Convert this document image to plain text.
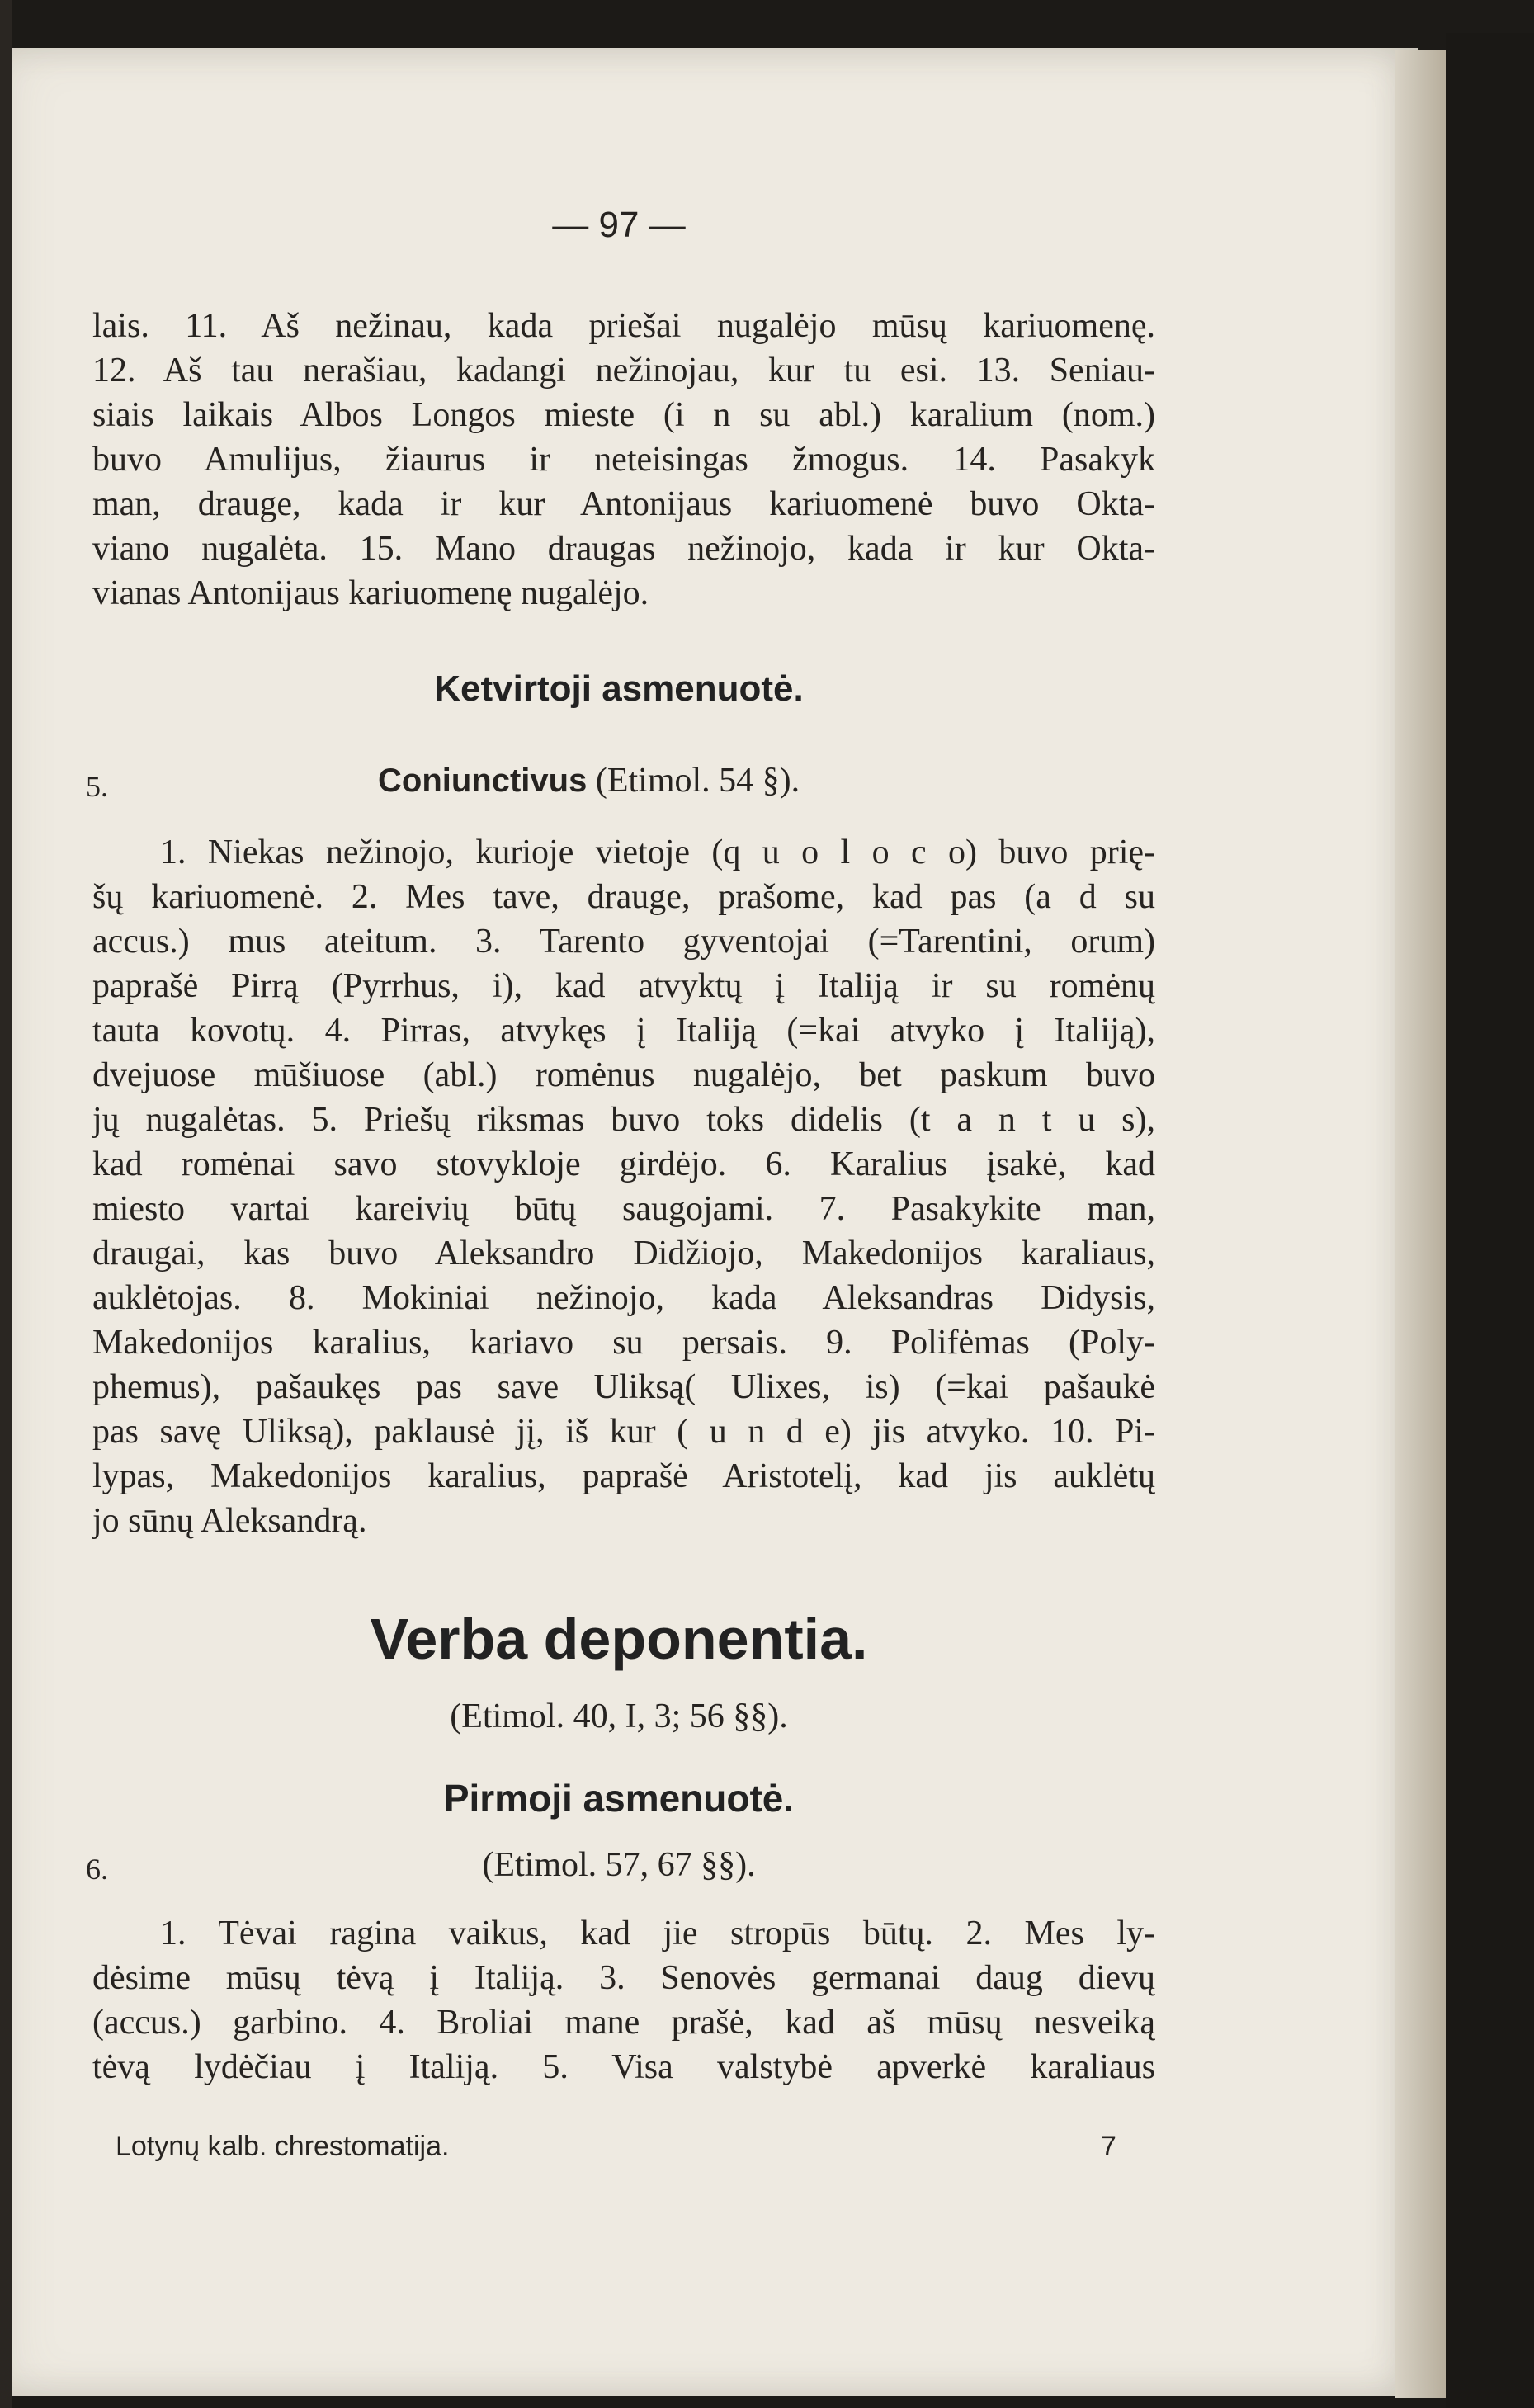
— 97 —
lais. 11. Aš nežinau, kada priešai nugalėjo mūsų kariuomenę.
12. Aš tau nerašiau, kadangi nežinojau, kur tu esi. 13. Seniau-
siais laikais Albos Longos mieste (i n su abl.) karalium (nom.)
buvo Amulijus, žiaurus ir neteisingas žmogus. 14. Pasakyk
man, drauge, kada ir kur Antonijaus kariuomenė buvo Okta-
viano nugalėta. 15. Mano draugas nežinojo, kada ir kur Okta-
vianas Antonijaus kariuomenę nugalėjo.
Ketvirtoji asmenuotė.
5.	Coniunctivus (Etimol. 54 §).
1. Niekas nežinojo, kurioje vietoje (q u o l o c o) buvo prię-
šų kariuomenė. 2. Mes tave, drauge, prašome, kad pas (a d su
accus.) mus ateitum. 3. Tarento gyventojai (=Tarentini, orum)
paprašė Pirrą (Pyrrhus, i), kad atvyktų į Italiją ir su romėnų
tauta kovotų. 4. Pirras, atvykęs į Italiją (=kai atvyko į Italiją),
dvejuose mūšiuose (abl.) romėnus nugalėjo, bet paskum buvo
jų nugalėtas. 5. Priešų riksmas buvo toks didelis (t a n t u s),
kad romėnai savo stovykloje girdėjo. 6. Karalius įsakė, kad
miesto vartai kareivių būtų saugojami. 7. Pasakykite man,
draugai, kas buvo Aleksandro Didžiojo, Makedonijos karaliaus,
auklėtojas. 8. Mokiniai nežinojo, kada Aleksandras Didysis,
Makedonijos karalius, kariavo su persais. 9. Polifėmas (Poly-
phemus), pašaukęs pas save Uliksą( Ulixes, is) (=kai pašaukė
pas savę Uliksą), paklausė jį, iš kur ( u n d e) jis atvyko. 10. Pi-
lypas, Makedonijos karalius, paprašė Aristotelį, kad jis auklėtų
jo sūnų Aleksandrą.
Verba deponentia.
(Etimol. 40, I, 3; 56 §§).
Pirmoji asmenuotė.
6.	(Etimol. 57, 67 §§).
1. Tėvai ragina vaikus, kad jie stropūs būtų. 2. Mes ly-
dėsime mūsų tėvą į Italiją. 3. Senovės germanai daug dievų
(accus.) garbino. 4. Broliai mane prašė, kad aš mūsų nesveiką
tėvą lydėčiau į Italiją. 5. Visa valstybė apverkė karaliaus
Lotynų kalb. chrestomatija.	7
